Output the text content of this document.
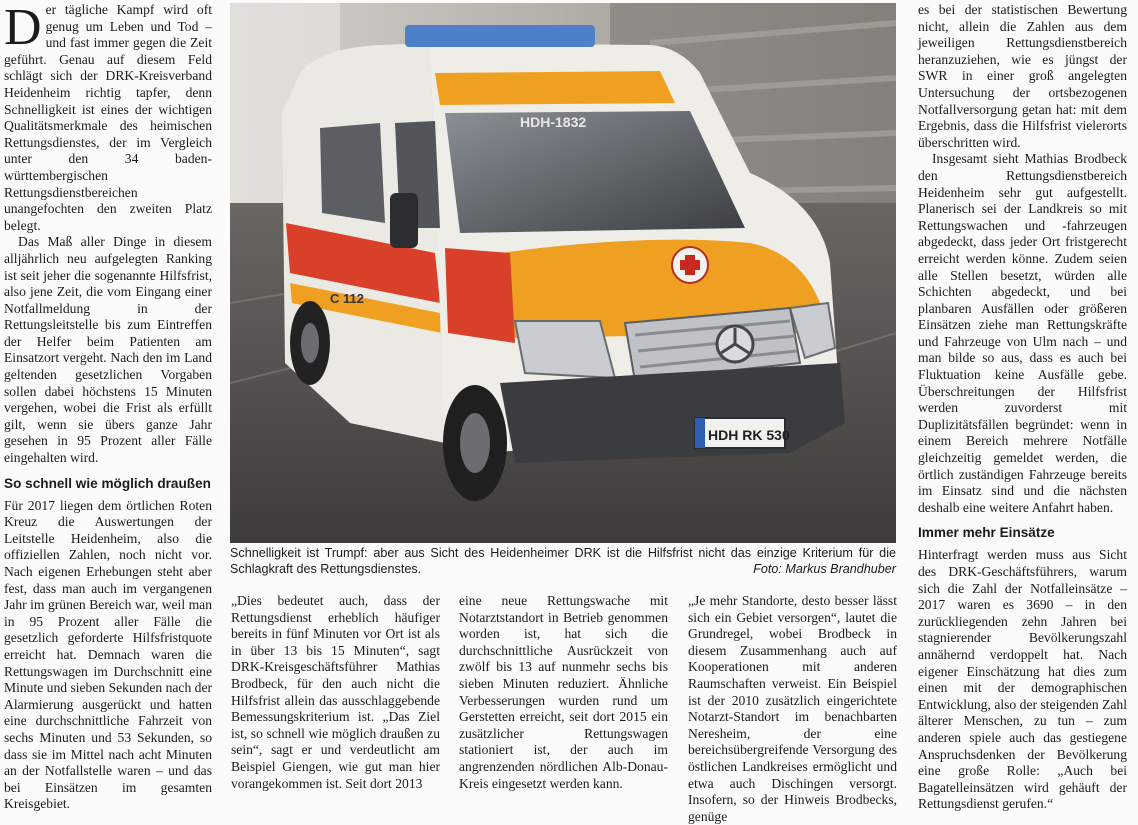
Der tägliche Kampf wird oft genug um Leben und Tod – und fast immer gegen die Zeit geführt. Genau auf diesem Feld schlägt sich der DRK-Kreisverband Heidenheim richtig tapfer, denn Schnelligkeit ist eines der wichtigen Qualitätsmerkmale des heimischen Rettungsdienstes, der im Vergleich unter den 34 baden-württembergischen Rettungsdienstbereichen unangefochten den zweiten Platz belegt.

Das Maß aller Dinge in diesem alljährlich neu aufgelegten Ranking ist seit jeher die sogenannte Hilfsfrist, also jene Zeit, die vom Eingang einer Notfallmeldung in der Rettungsleitstelle bis zum Eintreffen der Helfer beim Patienten am Einsatzort vergeht. Nach den im Land geltenden gesetzlichen Vorgaben sollen dabei höchstens 15 Minuten vergehen, wobei die Frist als erfüllt gilt, wenn sie übers ganze Jahr gesehen in 95 Prozent aller Fälle eingehalten wird.

So schnell wie möglich draußen

Für 2017 liegen dem örtlichen Roten Kreuz die Auswertungen der Leitstelle Heidenheim, also die offiziellen Zahlen, noch nicht vor. Nach eigenen Erhebungen steht aber fest, dass man auch im vergangenen Jahr im grünen Bereich war, weil man in 95 Prozent aller Fälle die gesetzlich geforderte Hilfsfristquote erreicht hat. Demnach waren die Rettungswagen im Durchschnitt eine Minute und sieben Sekunden nach der Alarmierung ausgerückt und hatten eine durchschnittliche Fahrzeit von sechs Minuten und 53 Sekunden, so dass sie im Mittel nach acht Minuten an der Notfallstelle waren – und das bei Einsätzen im gesamten Kreisgebiet.

HDH-1832
HDH RK 530
C 112
Schnelligkeit ist Trumpf: aber aus Sicht des Heidenheimer DRK ist die Hilfsfrist nicht das einzige Kriterium für die Schlagkraft des Rettungsdienstes.	Foto: Markus Brandhuber

„Dies bedeutet auch, dass der Rettungsdienst erheblich häufiger bereits in fünf Minuten vor Ort ist als in über 13 bis 15 Minuten“, sagt DRK-Kreisgeschäftsführer Mathias Brodbeck, für den auch nicht die Hilfsfrist allein das ausschlaggebende Bemessungskriterium ist. „Das Ziel ist, so schnell wie möglich draußen zu sein“, sagt er und verdeutlicht am Beispiel Giengen, wie gut man hier vorangekommen ist. Seit dort 2013

eine neue Rettungswache mit Notarztstandort in Betrieb genommen worden ist, hat sich die durchschnittliche Ausrückzeit von zwölf bis 13 auf nunmehr sechs bis sieben Minuten reduziert. Ähnliche Verbesserungen wurden rund um Gerstetten erreicht, seit dort 2015 ein zusätzlicher Rettungswagen stationiert ist, der auch im angrenzenden nördlichen Alb-Donau-Kreis eingesetzt werden kann.

„Je mehr Standorte, desto besser lässt sich ein Gebiet versorgen“, lautet die Grundregel, wobei Brodbeck in diesem Zusammenhang auch auf Kooperationen mit anderen Raumschaften verweist. Ein Beispiel ist der 2010 zusätzlich eingerichtete Notarzt-Standort im benachbarten Neresheim, der eine bereichsübergreifende Versorgung des östlichen Landkreises ermöglicht und etwa auch Dischingen versorgt. Insofern, so der Hinweis Brodbecks, genüge

es bei der statistischen Bewertung nicht, allein die Zahlen aus dem jeweiligen Rettungsdienstbereich heranzuziehen, wie es jüngst der SWR in einer groß angelegten Untersuchung der ortsbezogenen Notfallversorgung getan hat: mit dem Ergebnis, dass die Hilfsfrist vielerorts überschritten wird.

Insgesamt sieht Mathias Brodbeck den Rettungsdienstbereich Heidenheim sehr gut aufgestellt. Planerisch sei der Landkreis so mit Rettungswachen und -fahrzeugen abgedeckt, dass jeder Ort fristgerecht erreicht werden könne. Zudem seien alle Stellen besetzt, würden alle Schichten abgedeckt, und bei planbaren Ausfällen oder größeren Einsätzen ziehe man Rettungskräfte und Fahrzeuge von Ulm nach – und man bilde so aus, dass es auch bei Fluktuation keine Ausfälle gebe. Überschreitungen der Hilfsfrist werden zuvorderst mit Duplizitätsfällen begründet: wenn in einem Bereich mehrere Notfälle gleichzeitig gemeldet werden, die örtlich zuständigen Fahrzeuge bereits im Einsatz sind und die nächsten deshalb eine weitere Anfahrt haben.

Immer mehr Einsätze

Hinterfragt werden muss aus Sicht des DRK-Geschäftsführers, warum sich die Zahl der Notfalleinsätze – 2017 waren es 3690 – in den zurückliegenden zehn Jahren bei stagnierender Bevölkerungszahl annähernd verdoppelt hat. Nach eigener Einschätzung hat dies zum einen mit der demographischen Entwicklung, also der steigenden Zahl älterer Menschen, zu tun – zum anderen spiele auch das gestiegene Anspruchsdenken der Bevölkerung eine große Rolle: „Auch bei Bagatelleinsätzen wird gehäuft der Rettungsdienst gerufen.“
